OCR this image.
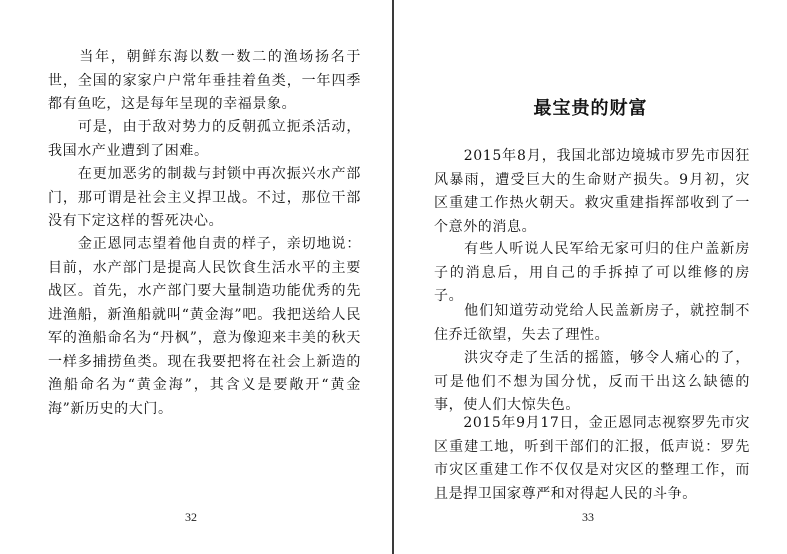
　　当年，朝鲜东海以数一数二的渔场扬名于世，全国的家家户户常年垂挂着鱼类，一年四季都有鱼吃，这是每年呈现的幸福景象。

　　可是，由于敌对势力的反朝孤立扼杀活动，我国水产业遭到了困难。

　　在更加恶劣的制裁与封锁中再次振兴水产部门，那可谓是社会主义捍卫战。不过，那位干部没有下定这样的誓死决心。

　　金正恩同志望着他自责的样子，亲切地说：目前，水产部门是提高人民饮食生活水平的主要战区。首先，水产部门要大量制造功能优秀的先进渔船，新渔船就叫“黄金海”吧。我把送给人民军的渔船命名为“丹枫”，意为像迎来丰美的秋天一样多捕捞鱼类。现在我要把将在社会上新造的渔船命名为“黄金海”，其含义是要敞开“黄金海”新历史的大门。

32
最宝贵的财富

　　2015年8月，我国北部边境城市罗先市因狂风暴雨，遭受巨大的生命财产损失。9月初，灾区重建工作热火朝天。救灾重建指挥部收到了一个意外的消息。

　　有些人听说人民军给无家可归的住户盖新房子的消息后，用自己的手拆掉了可以维修的房子。

　　他们知道劳动党给人民盖新房子，就控制不住乔迁欲望，失去了理性。

　　洪灾夺走了生活的摇篮，够令人痛心的了，可是他们不想为国分忧，反而干出这么缺德的事，使人们大惊失色。

　　2015年9月17日，金正恩同志视察罗先市灾区重建工地，听到干部们的汇报，低声说：罗先市灾区重建工作不仅仅是对灾区的整理工作，而且是捍卫国家尊严和对得起人民的斗争。

33
